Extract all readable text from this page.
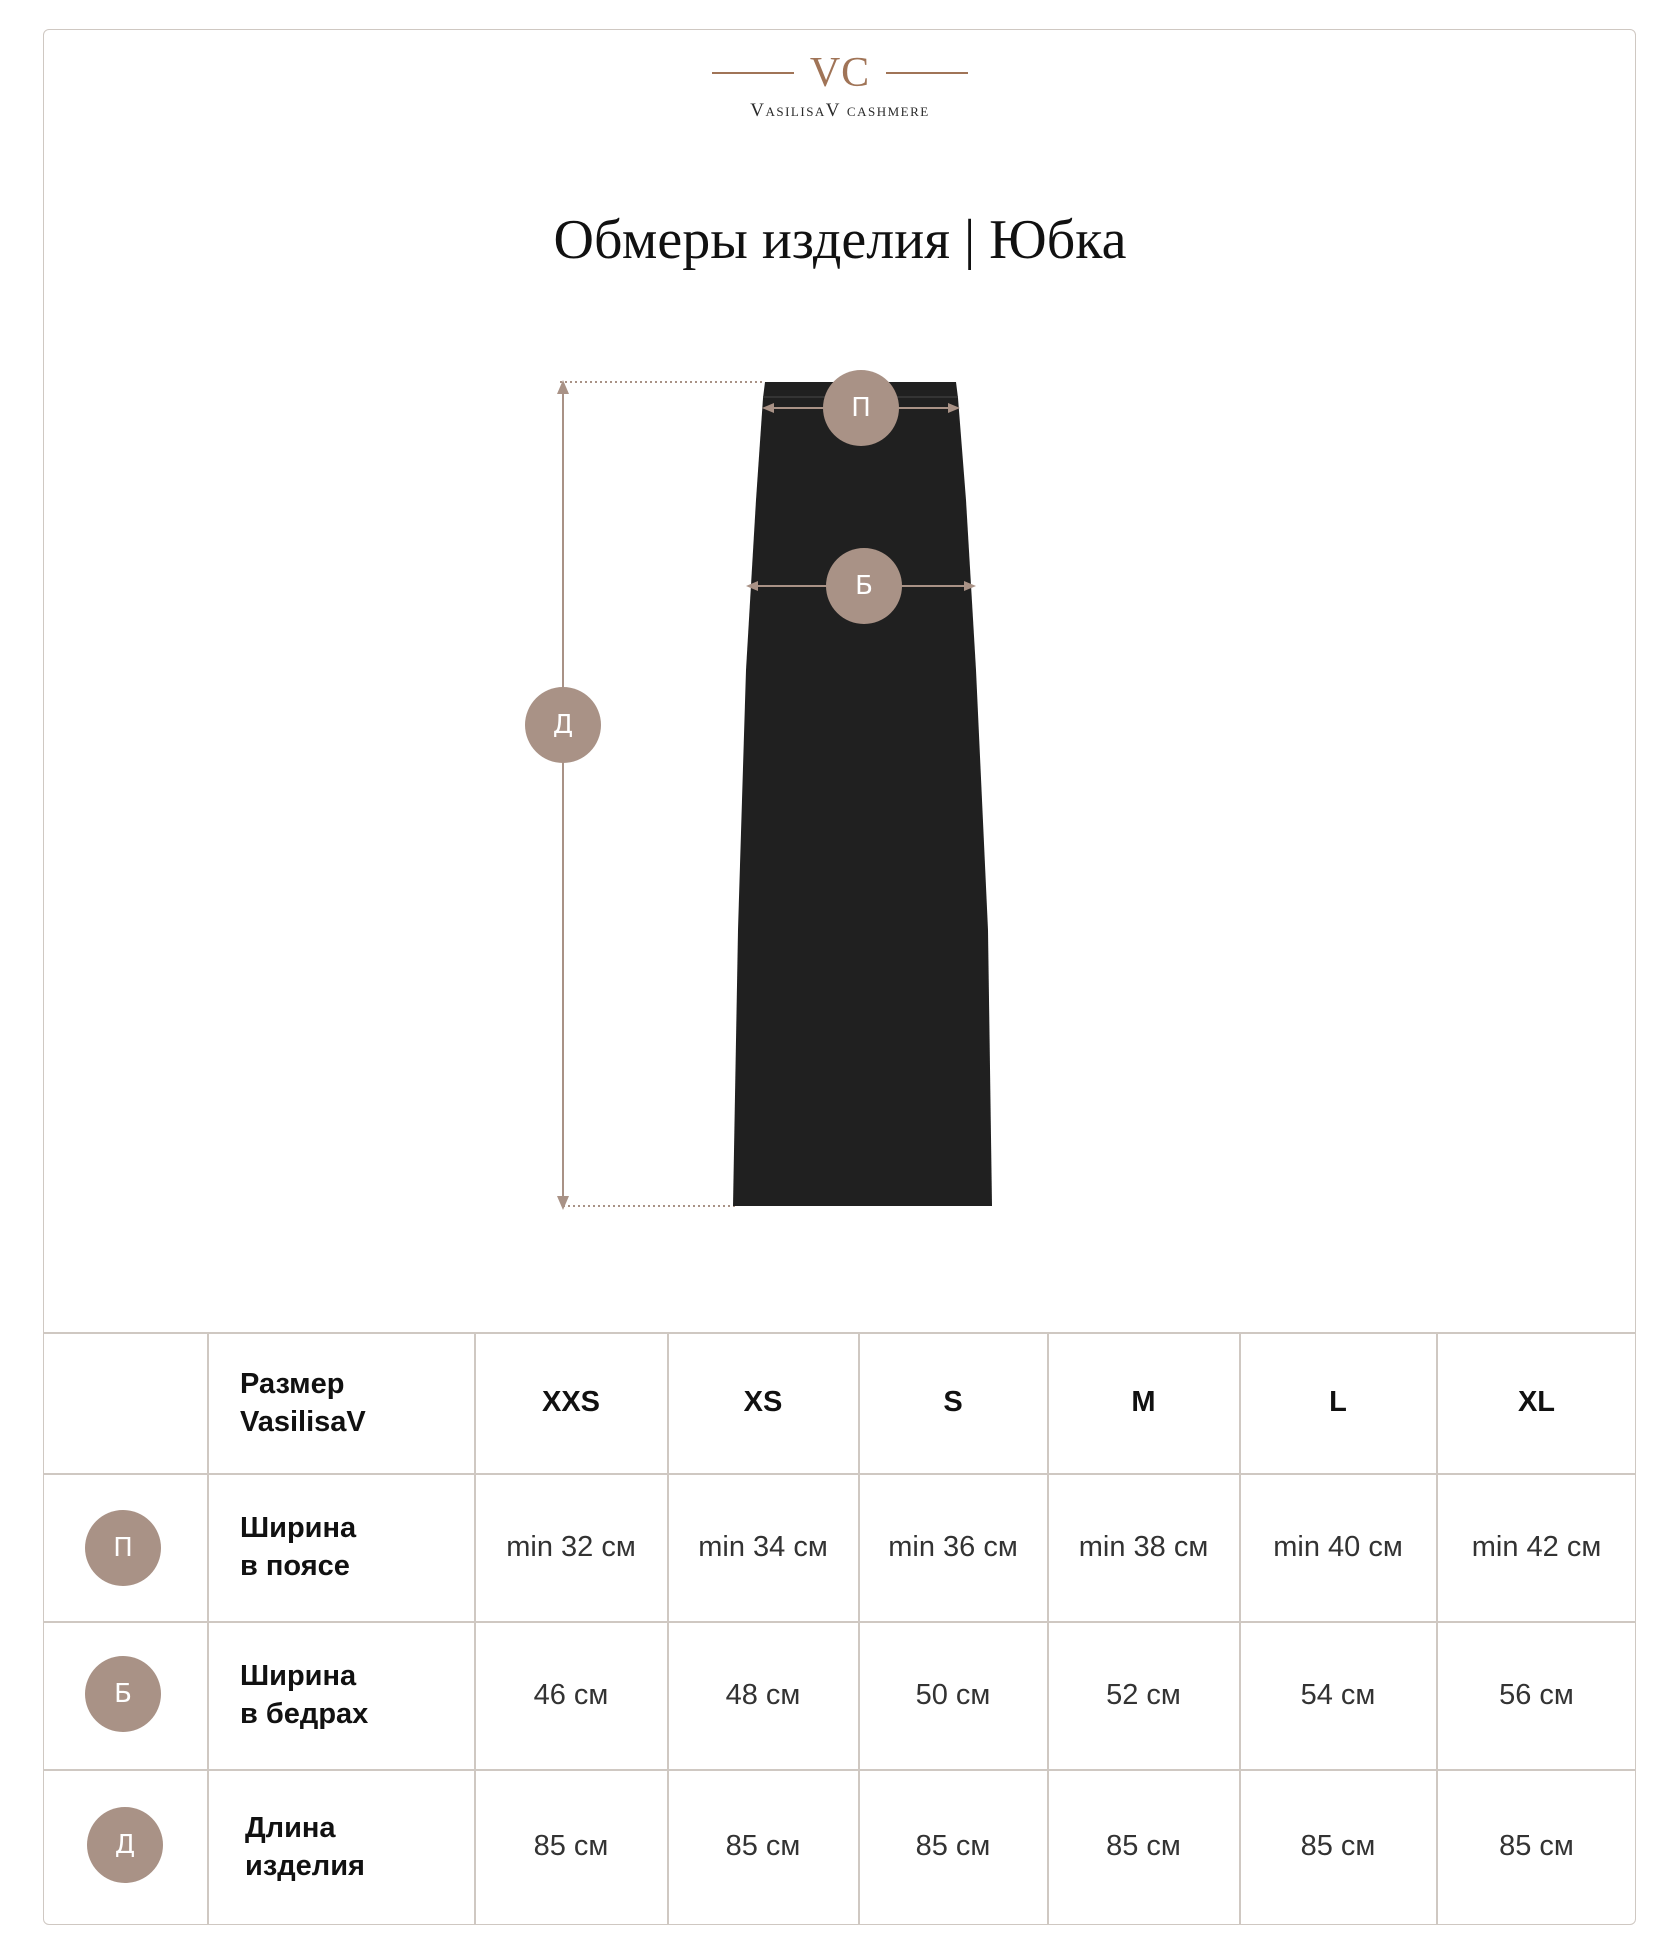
VC
VasilisaV cashmere
Обмеры изделия | Юбка
П
Б
Д
Размер
VasilisaV
XXS	XS	S	M	L	XL
П
Ширина
в поясе
min 32 см	min 34 см	min 36 см	min 38 см	min 40 см	min 42 см
Б
Ширина
в бедрах
46 см	48 см	50 см	52 см	54 см	56 см
Д
Длина
изделия
85 см	85 см	85 см	85 см	85 см	85 см
